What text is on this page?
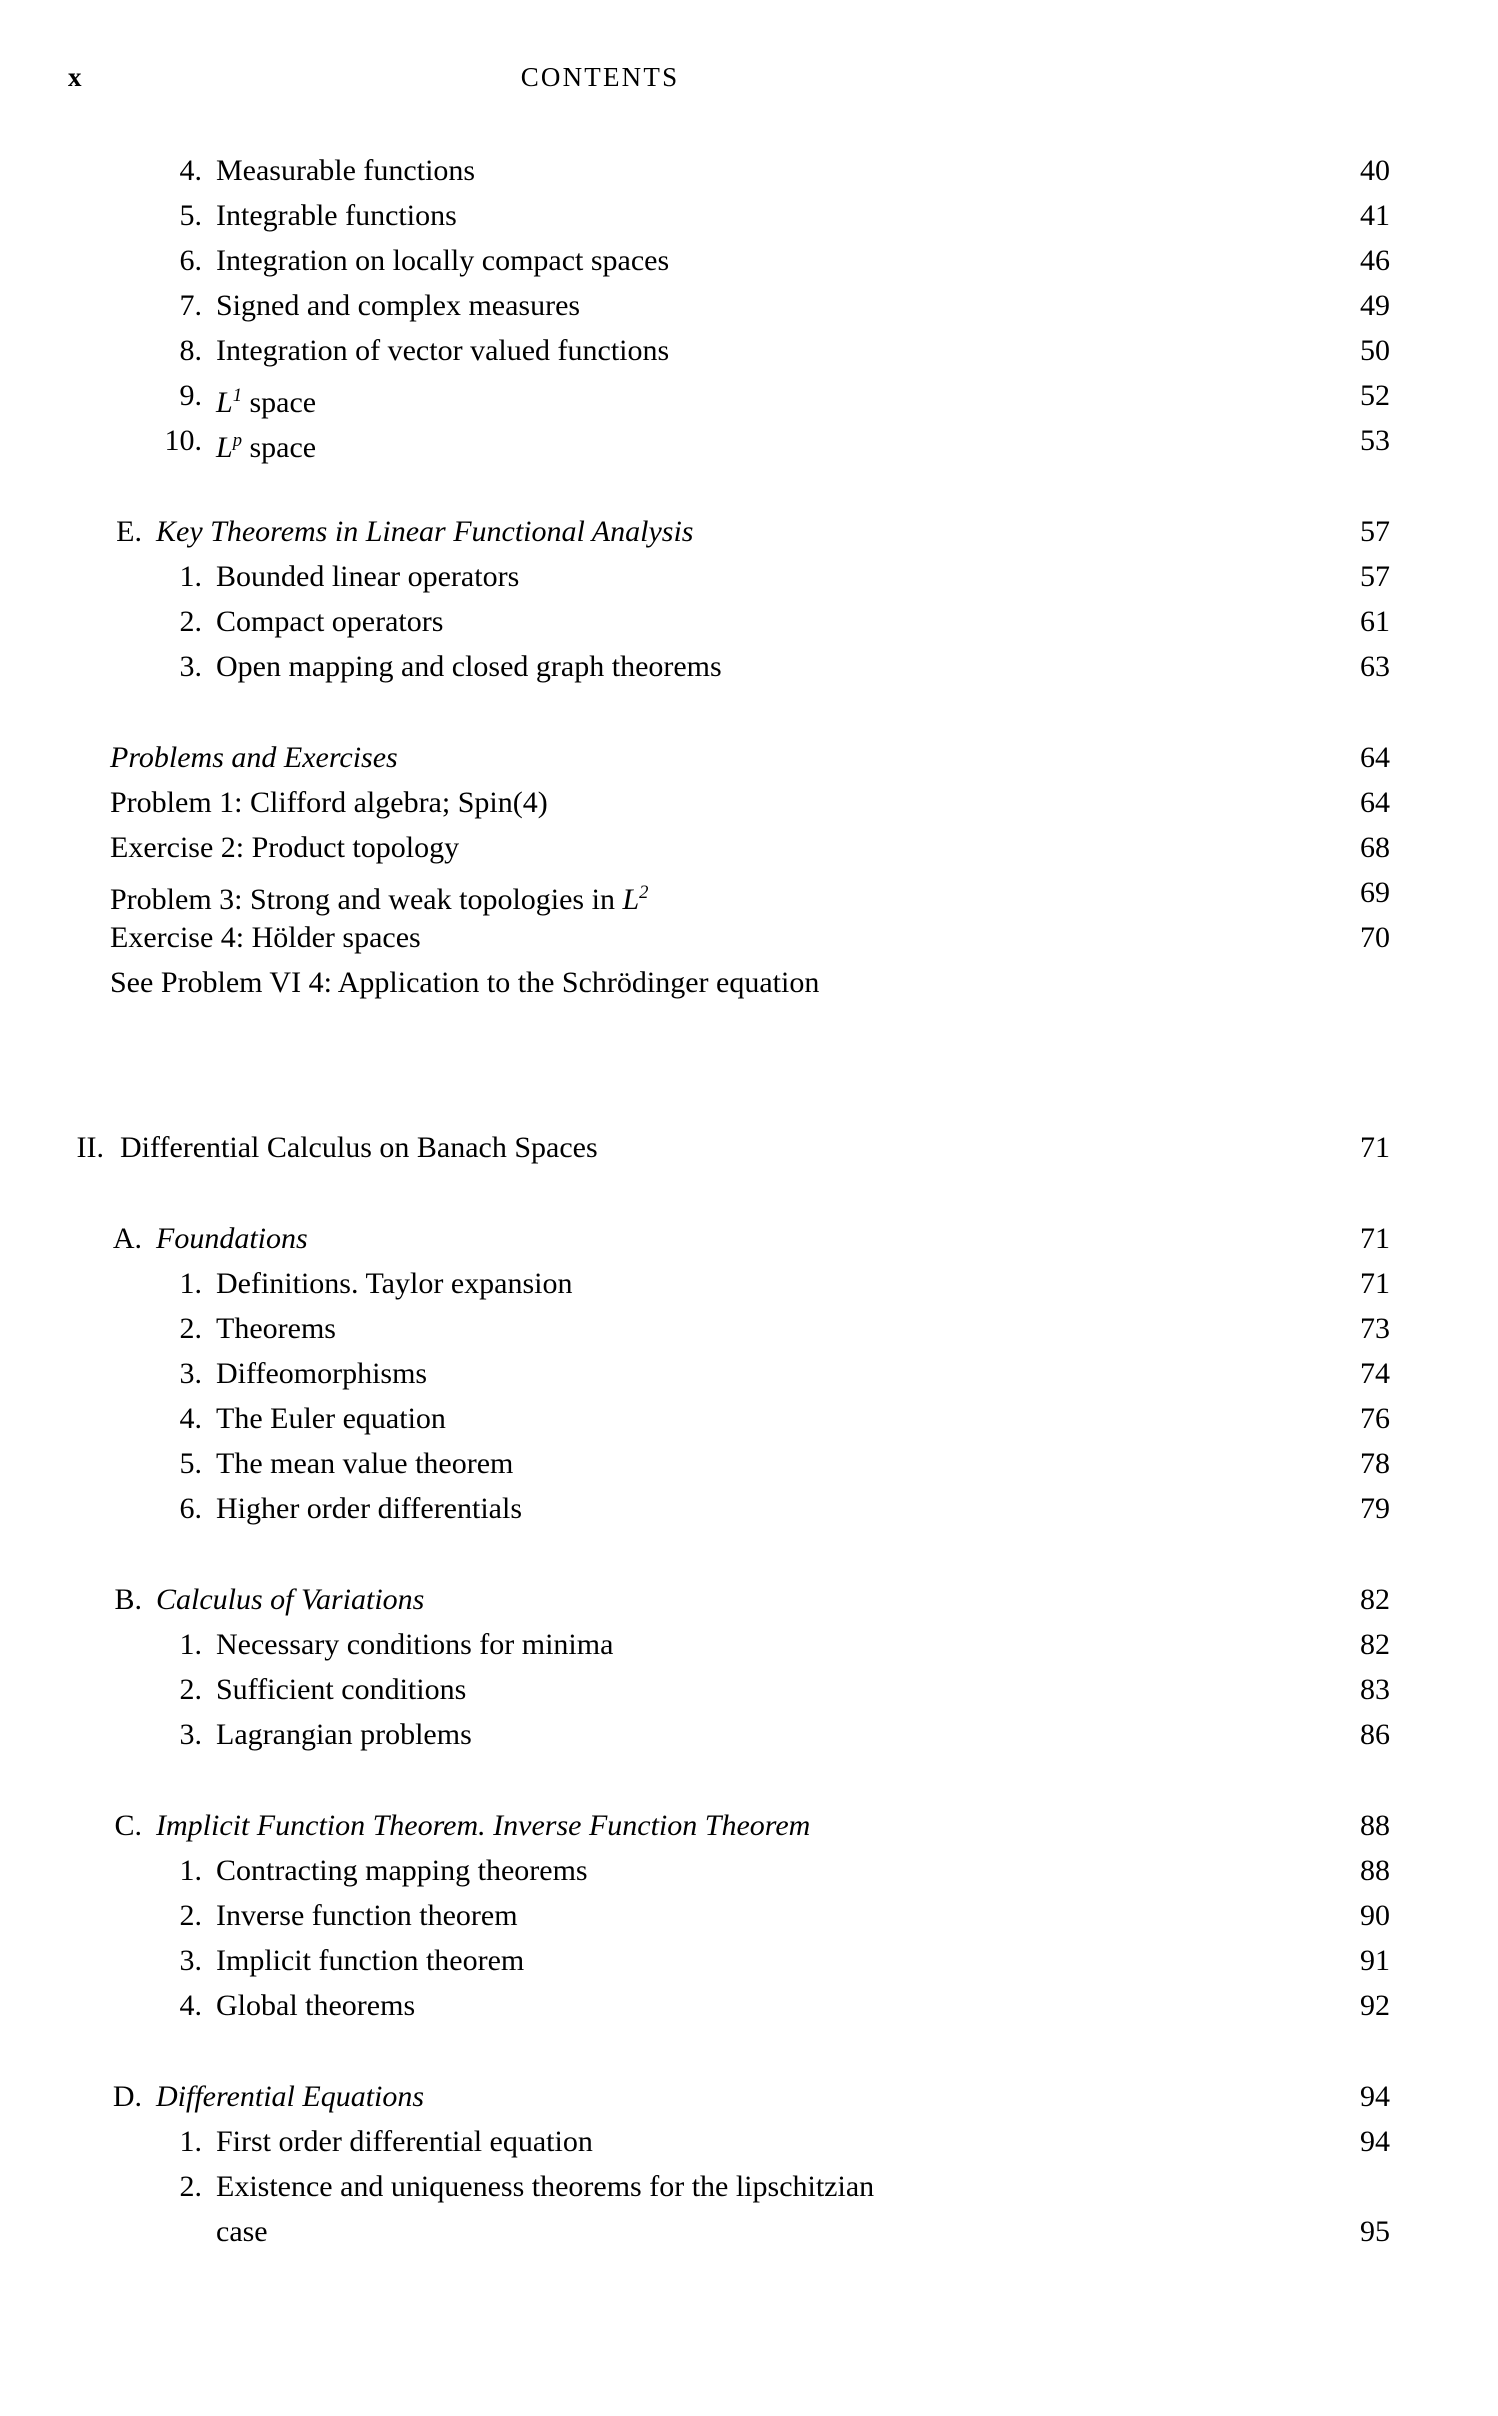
x	CONTENTS
4. Measurable functions	40
5. Integrable functions	41
6. Integration on locally compact spaces	46
7. Signed and complex measures	49
8. Integration of vector valued functions	50
9. $L^1$ space	52
10. $L^p$ space	53
E. Key Theorems in Linear Functional Analysis	57
1. Bounded linear operators	57
2. Compact operators	61
3. Open mapping and closed graph theorems	63
Problems and Exercises	64
Problem 1: Clifford algebra; Spin(4)	64
Exercise 2: Product topology	68
Problem 3: Strong and weak topologies in $L^2$	69
Exercise 4: Hölder spaces	70
See Problem VI 4: Application to the Schrödinger equation
II. Differential Calculus on Banach Spaces	71
A. Foundations	71
1. Definitions. Taylor expansion	71
2. Theorems	73
3. Diffeomorphisms	74
4. The Euler equation	76
5. The mean value theorem	78
6. Higher order differentials	79
B. Calculus of Variations	82
1. Necessary conditions for minima	82
2. Sufficient conditions	83
3. Lagrangian problems	86
C. Implicit Function Theorem. Inverse Function Theorem	88
1. Contracting mapping theorems	88
2. Inverse function theorem	90
3. Implicit function theorem	91
4. Global theorems	92
D. Differential Equations	94
1. First order differential equation	94
2. Existence and uniqueness theorems for the lipschitzian
case	95
